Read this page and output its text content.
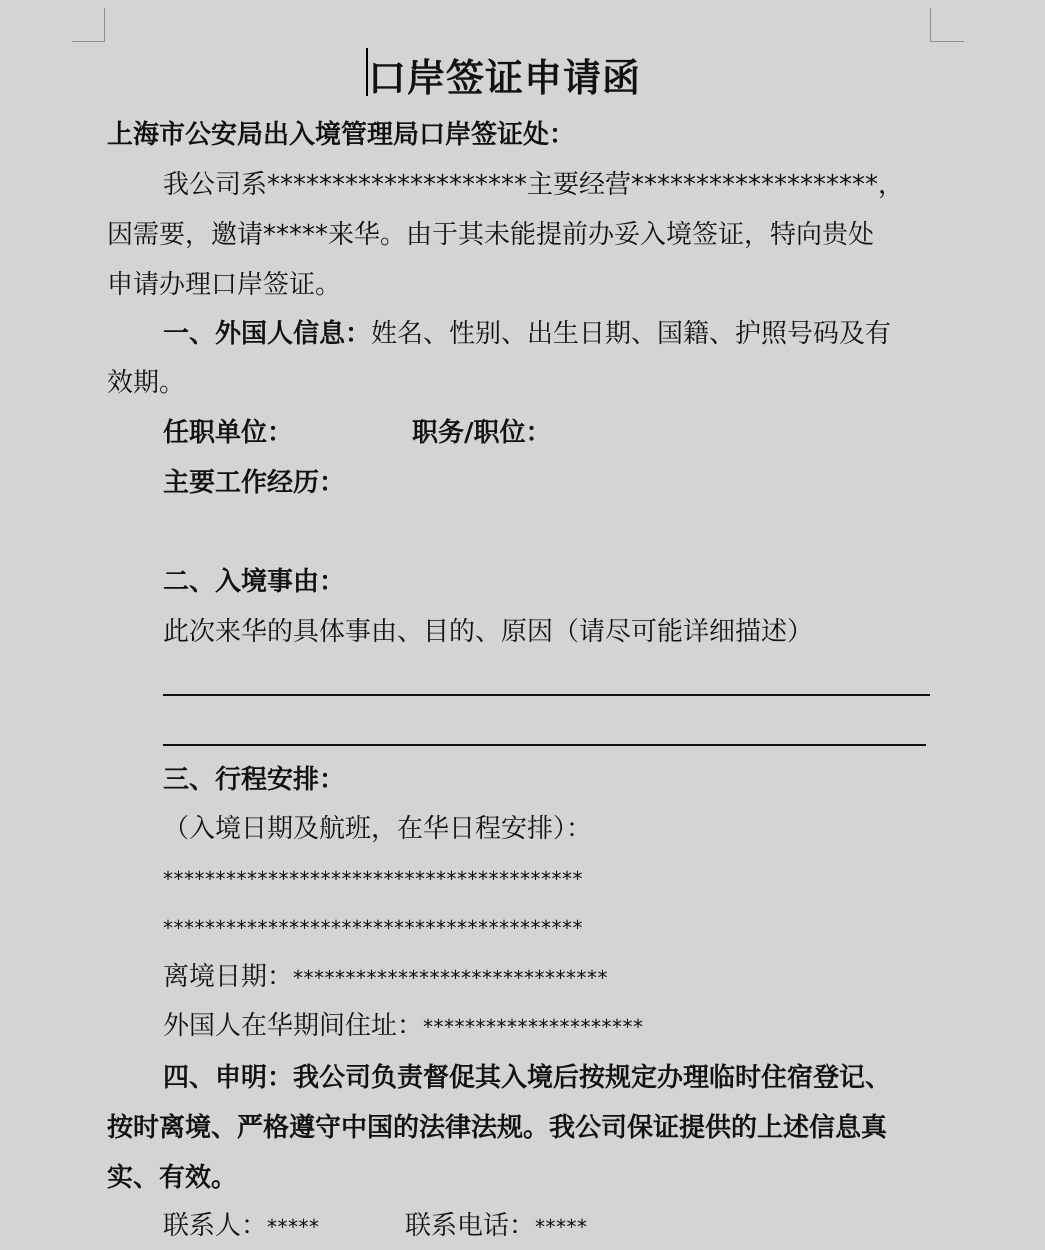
口岸签证申请函
上海市公安局出入境管理局口岸签证处：
我公司系********************主要经营*******************，
因需要，邀请*****来华。由于其未能提前办妥入境签证，特向贵处
申请办理口岸签证。
一、外国人信息：姓名、性别、出生日期、国籍、护照号码及有
效期。
任职单位：	职务/职位：
主要工作经历：
二、入境事由：
此次来华的具体事由、目的、原因（请尽可能详细描述）
三、行程安排：
（入境日期及航班，在华日程安排）：
****************************************
****************************************
离境日期：******************************
外国人在华期间住址：*********************
四、申明：我公司负责督促其入境后按规定办理临时住宿登记、
按时离境、严格遵守中国的法律法规。我公司保证提供的上述信息真
实、有效。
联系人：*****	联系电话：*****
